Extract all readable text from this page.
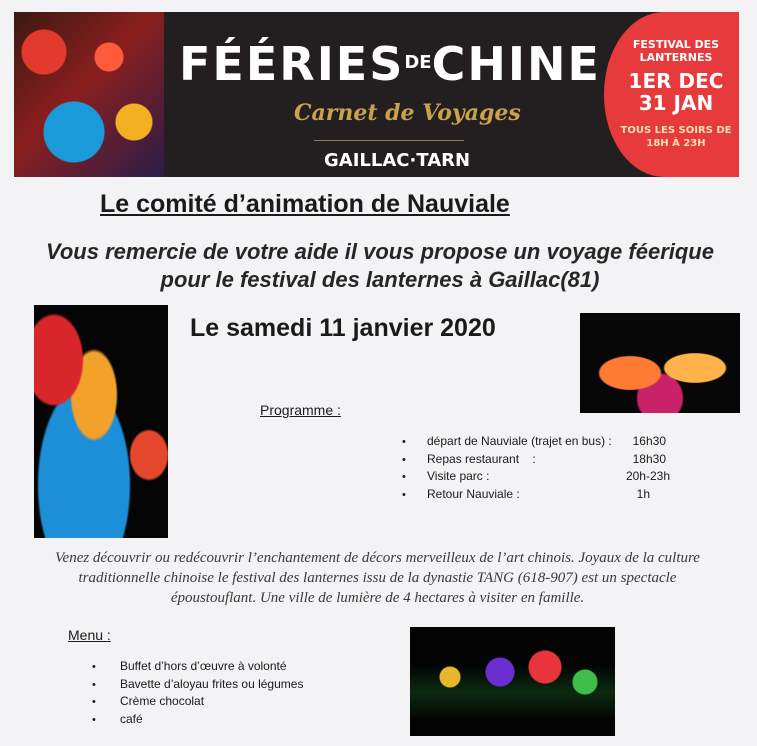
$FÉÉRIES^{DE}CHINE$
Carnet de Voyages
GAILLAC·TARN
FESTIVAL DES LANTERNES
1ER DEC
31 JAN
TOUS LES SOIRS DE 18H À 23H
Le comité d’animation de Nauviale
Vous remercie de votre aide il vous propose un voyage féerique pour le festival des lanternes à Gaillac(81)
Le samedi 11 janvier 2020
Programme :
• départ de Nauviale (trajet en bus) :	16h30
• Repas restaurant    :	18h30
• Visite parc :	20h-23h
• Retour Nauviale :	1h
Venez découvrir ou redécouvrir l’enchantement de décors merveilleux de l’art chinois. Joyaux de la culture traditionnelle chinoise le festival des lanternes issu de la dynastie TANG (618-907) est un spectacle époustouflant. Une ville de lumière de 4 hectares à visiter en famille.
Menu :
• Buffet d’hors d’œuvre à volonté
• Bavette d’aloyau frites ou légumes
• Crème chocolat
• café
